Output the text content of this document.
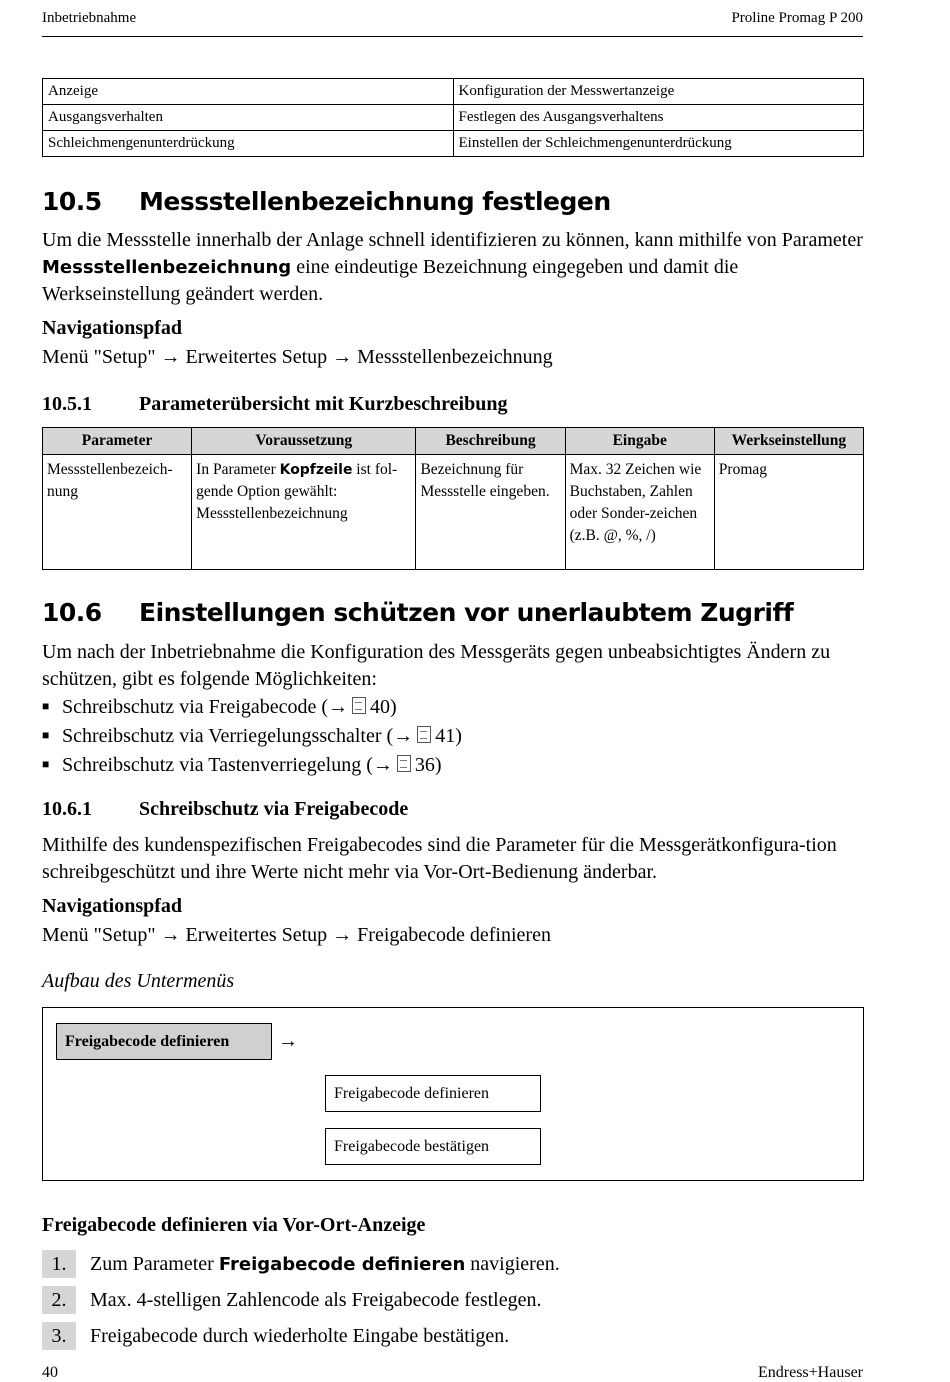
Inbetriebnahme	Proline Promag P 200
Anzeige	Konfiguration der Messwertanzeige
Ausgangsverhalten	Festlegen des Ausgangsverhaltens
Schleichmengenunterdrückung	Einstellen der Schleichmengenunterdrückung
10.5 Messstellenbezeichnung festlegen

Um die Messstelle innerhalb der Anlage schnell identifizieren zu können, kann mithilfe von Parameter Messstellenbezeichnung eine eindeutige Bezeichnung eingegeben und damit die Werkseinstellung geändert werden.

Navigationspfad

Menü "Setup" → Erweitertes Setup → Messstellenbezeichnung

10.5.1 Parameterübersicht mit Kurzbeschreibung
Parameter	Voraussetzung	Beschreibung	Eingabe	Werkseinstellung
Messstellenbezeich-nung	In Parameter Kopfzeile ist fol-gende Option gewählt: Messstellenbezeichnung	Bezeichnung für Messstelle eingeben.	Max. 32 Zeichen wie Buchstaben, Zahlen oder Sonder-zeichen (z.B. @, %, /)	Promag
10.6 Einstellungen schützen vor unerlaubtem Zugriff

Um nach der Inbetriebnahme die Konfiguration des Messgeräts gegen unbeabsichtigtes Ändern zu schützen, gibt es folgende Möglichkeiten:

■ Schreibschutz via Freigabecode (→ 40)
■ Schreibschutz via Verriegelungsschalter (→ 41)
■ Schreibschutz via Tastenverriegelung (→ 36)
10.6.1 Schreibschutz via Freigabecode

Mithilfe des kundenspezifischen Freigabecodes sind die Parameter für die Messgerätkonfigura-tion schreibgeschützt und ihre Werte nicht mehr via Vor-Ort-Bedienung änderbar.

Navigationspfad

Menü "Setup" → Erweitertes Setup → Freigabecode definieren

Aufbau des Untermenüs
Freigabecode definieren	→
Freigabecode definieren
Freigabecode bestätigen

Freigabecode definieren via Vor-Ort-Anzeige

1.	Zum Parameter Freigabecode definieren navigieren.
2.	Max. 4-stelligen Zahlencode als Freigabecode festlegen.
3.	Freigabecode durch wiederholte Eingabe bestätigen.
40	Endress+Hauser
